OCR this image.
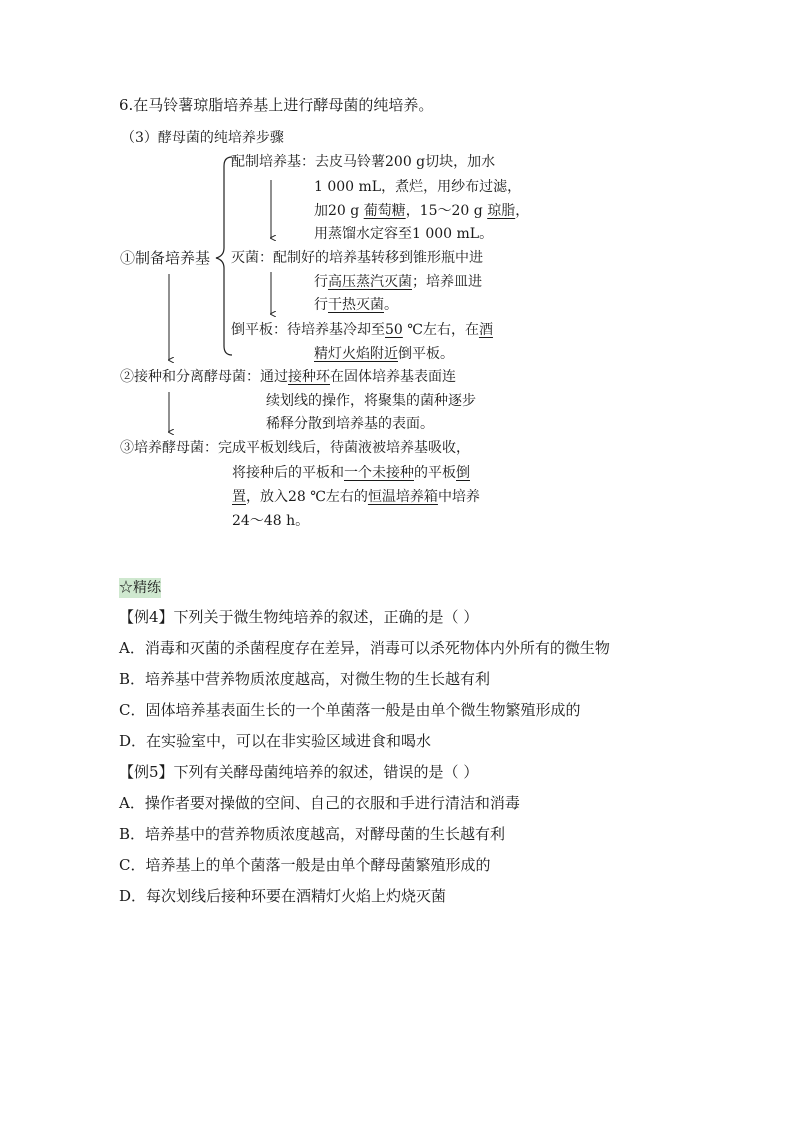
6.在马铃薯琼脂培养基上进行酵母菌的纯培养。
（3）酵母菌的纯培养步骤
①制备培养基
配制培养基：去皮马铃薯200 g切块，加水
1 000 mL，煮烂，用纱布过滤，
加20 g 葡萄糖，15～20 g 琼脂，
用蒸馏水定容至1 000 mL。
灭菌：配制好的培养基转移到锥形瓶中进
行高压蒸汽灭菌；培养皿进
行干热灭菌。
倒平板：待培养基冷却至50 ℃左右，在酒
精灯火焰附近倒平板。
②接种和分离酵母菌：通过接种环在固体培养基表面连
续划线的操作，将聚集的菌种逐步
稀释分散到培养基的表面。
③培养酵母菌：完成平板划线后，待菌液被培养基吸收，
将接种后的平板和一个未接种的平板倒
置，放入28 ℃左右的恒温培养箱中培养
24～48 h。
☆精练
【例4】下列关于微生物纯培养的叙述，正确的是（ ）
A．消毒和灭菌的杀菌程度存在差异，消毒可以杀死物体内外所有的微生物
B．培养基中营养物质浓度越高，对微生物的生长越有利
C．固体培养基表面生长的一个单菌落一般是由单个微生物繁殖形成的
D．在实验室中，可以在非实验区域进食和喝水
【例5】下列有关酵母菌纯培养的叙述，错误的是（ ）
A．操作者要对操做的空间、自己的衣服和手进行清洁和消毒
B．培养基中的营养物质浓度越高，对酵母菌的生长越有利
C．培养基上的单个菌落一般是由单个酵母菌繁殖形成的
D．每次划线后接种环要在酒精灯火焰上灼烧灭菌
